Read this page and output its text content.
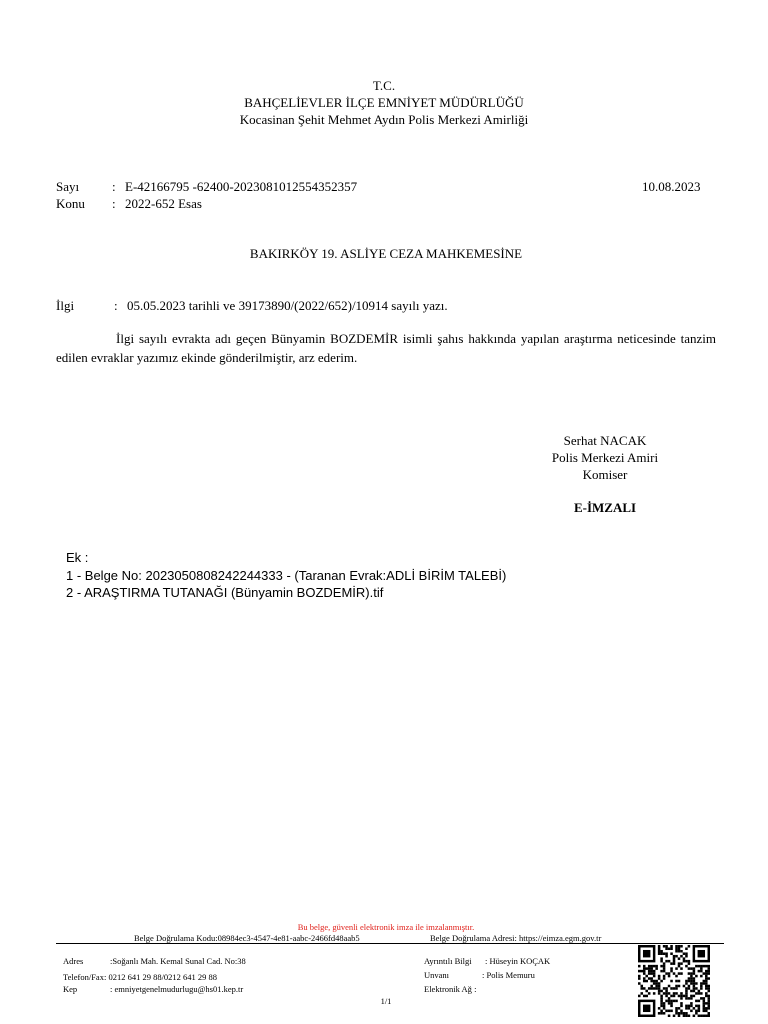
T.C.
BAHÇELİEVLER İLÇE EMNİYET MÜDÜRLÜĞÜ
Kocasinan Şehit Mehmet Aydın Polis Merkezi Amirliği
Sayı	: E-42166795 -62400-2023081012554352357	10.08.2023
Konu : 2022-652 Esas
BAKIRKÖY 19. ASLİYE CEZA MAHKEMESİNE
İlgi	: 05.05.2023 tarihli ve 39173890/(2022/652)/10914 sayılı yazı.
İlgi sayılı evrakta adı geçen Bünyamin BOZDEMİR isimli şahıs hakkında yapılan araştırma neticesinde tanzim edilen evraklar yazımız ekinde gönderilmiştir, arz ederim.
Serhat NACAK
Polis Merkezi Amiri
Komiser
E-İMZALI
Ek :
1 - Belge No: 2023050808242244333 - (Taranan Evrak:ADLİ BİRİM TALEBİ)
2 - ARAŞTIRMA TUTANAĞI (Bünyamin BOZDEMİR).tif
Bu belge, güvenli elektronik imza ile imzalanmıştır.
Belge Doğrulama Kodu:08984ec3-4547-4e81-aabc-2466fd48aab5	Belge Doğrulama Adresi: https://eimza.egm.gov.tr
Adres	:Soğanlı Mah. Kemal Sunal Cad. No:38
Telefon/Fax: 0212 641 29 88/0212 641 29 88
Kep	: emniyetgenelmudurlugu@hs01.kep.tr
Ayrıntılı Bilgi : Hüseyin KOÇAK
Unvanı	: Polis Memuru
Elektronik Ağ :
1/1
